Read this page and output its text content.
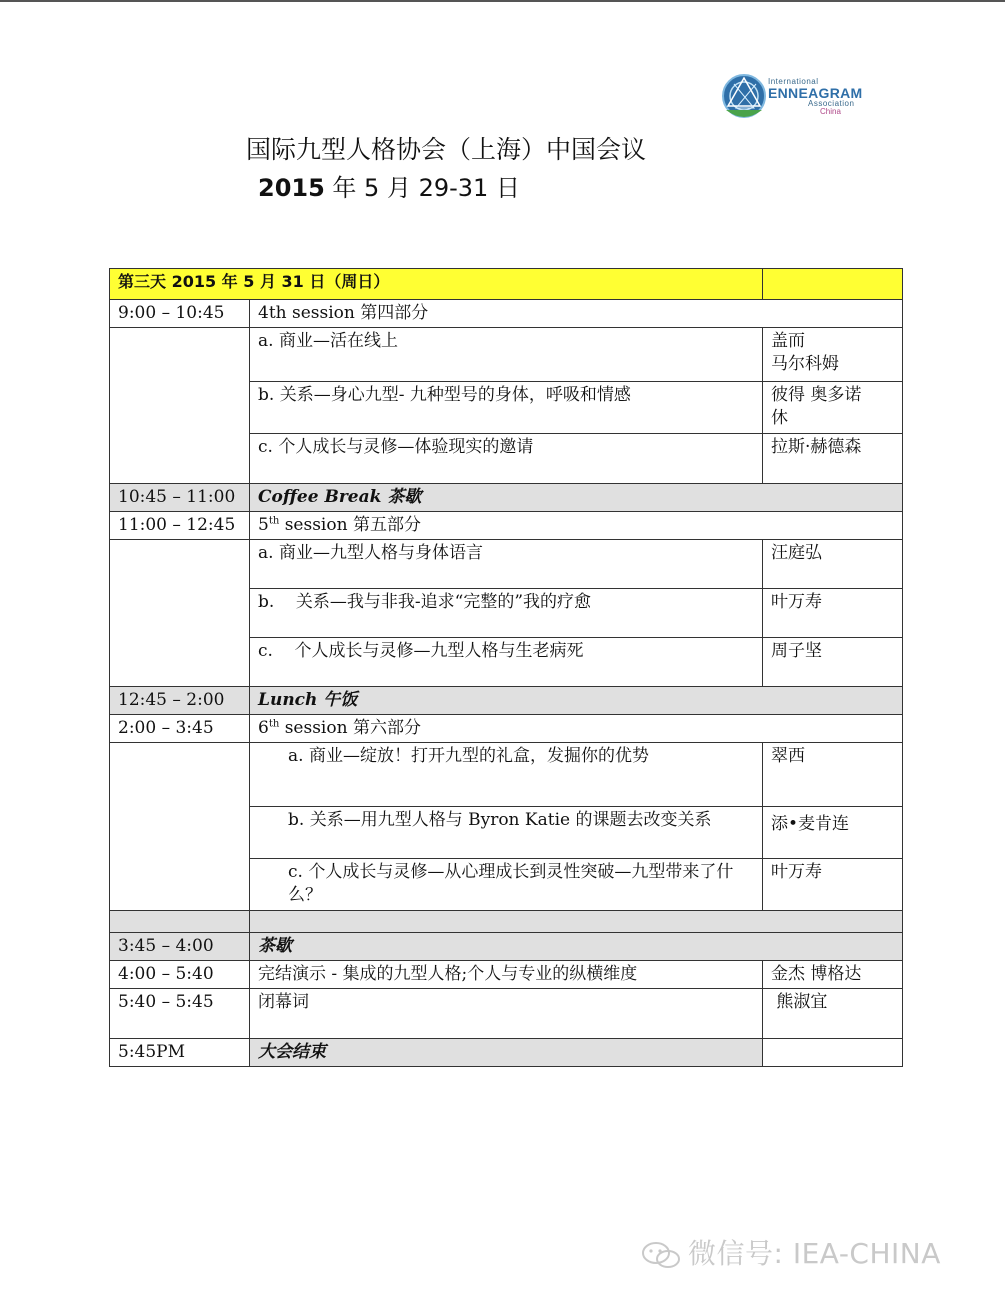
International
ENNEAGRAM
Association
China
国际九型人格协会（上海）中国会议
2015 年 5 月 29-31 日
第三天 2015 年 5 月 31 日（周日）		
9:00 – 10:45	4th session 第四部分	
	a. 商业—活在线上	盖而
马尔科姆
	b. 关系—身心九型- 九种型号的身体，呼吸和情感	彼得 奥多诺
休
	c. 个人成长与灵修—体验现实的邀请	拉斯·赫德森
10:45 – 11:00	Coffee Break 茶歇	
11:00 – 12:45	5th session 第五部分	
	a. 商业—九型人格与身体语言	汪庭弘
	b.    关系—我与非我-追求“完整的”我的疗愈	叶万寿
	c.    个人成长与灵修—九型人格与生老病死	周子坚
12:45 – 2:00	Lunch 午饭	
2:00 – 3:45	6th session 第六部分	
	a. 商业—绽放！打开九型的礼盒，发掘你的优势	翠西
	b. 关系—用九型人格与 Byron Katie 的课题去改变关系	添•麦肯连
	c. 个人成长与灵修—从心理成长到灵性突破—九型带来了什么？	叶万寿

3:45 – 4:00	茶歇	
4:00 – 5:40	完结演示 - 集成的九型人格;个人与专业的纵横维度	金杰 博格达
5:40 – 5:45	闭幕词	熊淑宜
5:45PM	大会结束	
微信号: IEA-CHINA
